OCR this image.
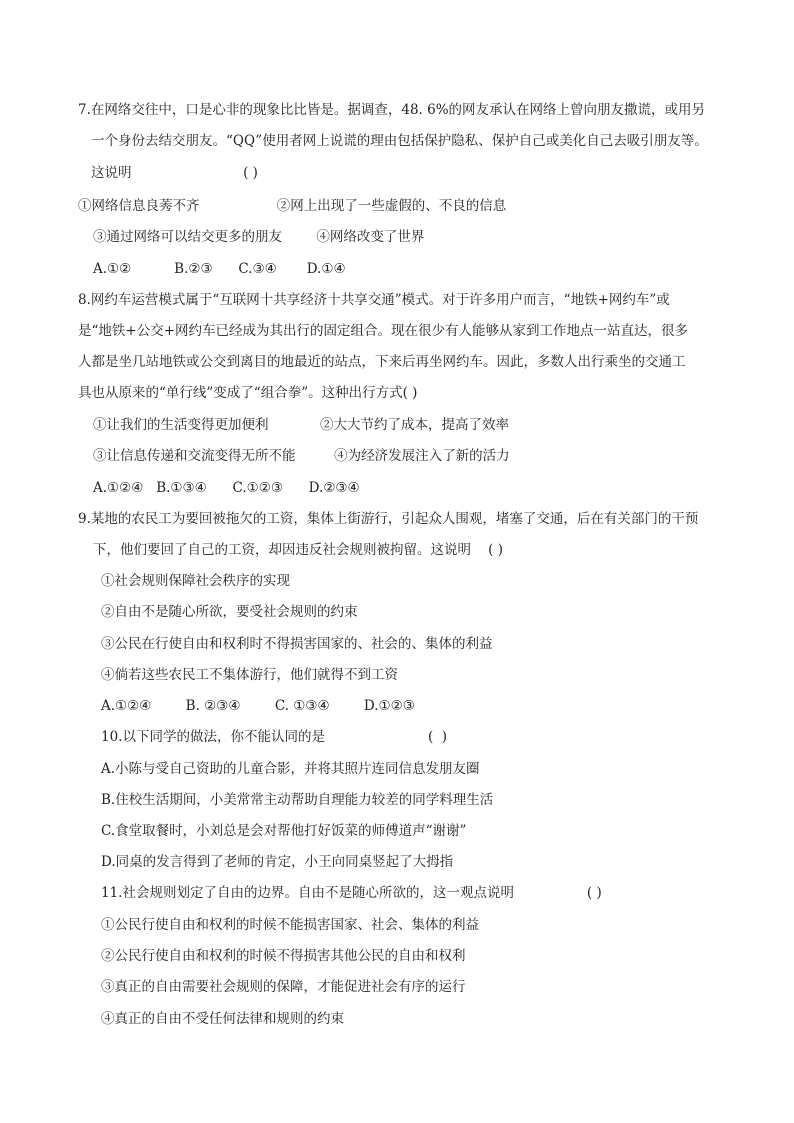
7.在网络交往中，口是心非的现象比比皆是。据调查，48. 6%的网友承认在网络上曾向朋友撒谎，或用另
一个身份去结交朋友。“QQ”使用者网上说谎的理由包括保护隐私、保护自己或美化自己去吸引朋友等。
这说明                          ( )
①网络信息良莠不齐                  ②网上出现了一些虚假的、不良的信息
③通过网络可以结交更多的朋友        ④网络改变了世界
A.①②          B.②③      C.③④       D.①④
8.网约车运营模式属于“互联网十共享经济十共享交通”模式。对于许多用户而言，“地铁+网约车”或
是“地铁+公交+网约车已经成为其出行的固定组合。现在很少有人能够从家到工作地点一站直达，很多
人都是坐几站地铁或公交到离目的地最近的站点，下来后再坐网约车。因此，多数人出行乘坐的交通工
具也从原来的“单行线”变成了“组合拳”。这种出行方式( )
①让我们的生活变得更加便利            ②大大节约了成本，提高了效率
③让信息传递和交流变得无所不能         ④为经济发展注入了新的活力
A.①②④   B.①③④      C.①②③      D.②③④
9.某地的农民工为要回被拖欠的工资，集体上街游行，引起众人围观，堵塞了交通，后在有关部门的干预
下，他们要回了自己的工资，却因违反社会规则被拘留。这说明    ( )
①社会规则保障社会秩序的实现
②自由不是随心所欲，要受社会规则的约束
③公民在行使自由和权利时不得损害国家的、社会的、集体的利益
④倘若这些农民工不集体游行，他们就得不到工资
A.①②④        B. ②③④        C. ①③④        D.①②③
10.以下同学的做法，你不能认同的是                        (  )
A.小陈与受自己资助的儿童合影，并将其照片连同信息发朋友圈
B.住校生活期间，小美常常主动帮助自理能力较差的同学料理生活
C.食堂取餐时，小刘总是会对帮他打好饭菜的师傅道声“谢谢”
D.同桌的发言得到了老师的肯定，小王向同桌竖起了大拇指
11.社会规则划定了自由的边界。自由不是随心所欲的，这一观点说明                 ( )
①公民行使自由和权利的时候不能损害国家、社会、集体的利益
②公民行使自由和权利的时候不得损害其他公民的自由和权利
③真正的自由需要社会规则的保障，才能促进社会有序的运行
④真正的自由不受任何法律和规则的约束
